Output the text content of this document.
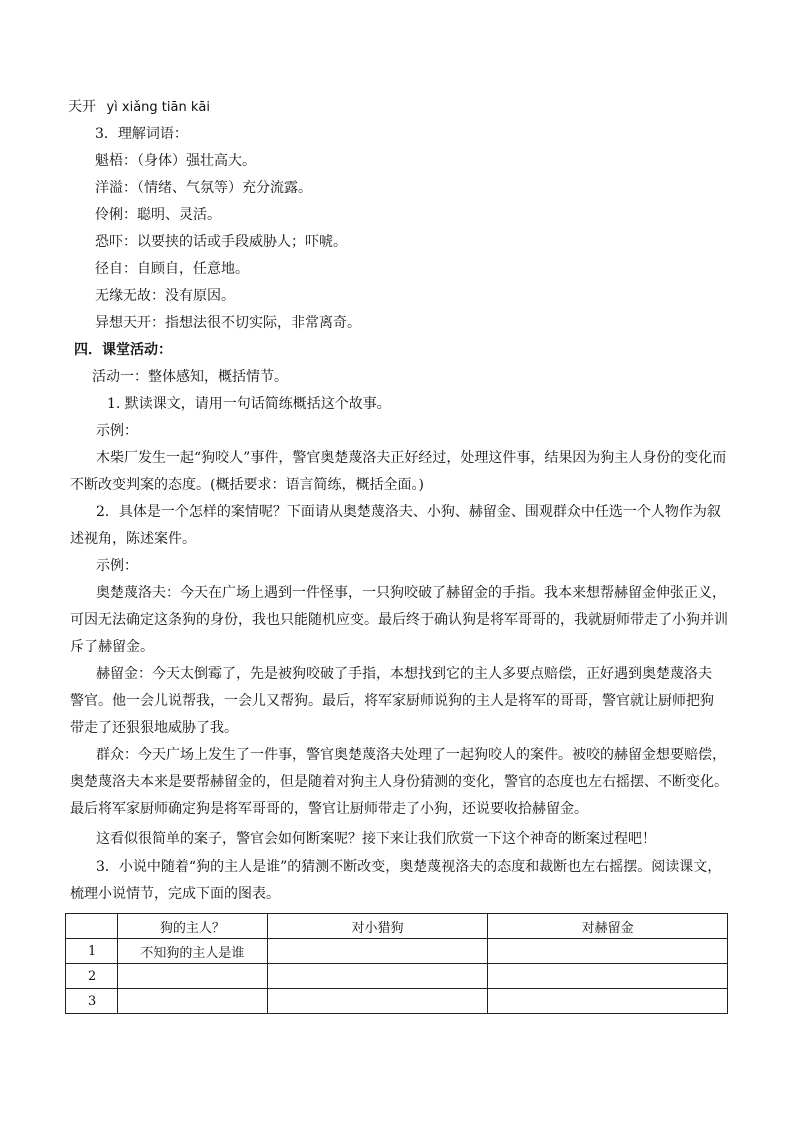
天开 yì xiǎng tiān kāi
3．理解词语：
魁梧：（身体）强壮高大。
洋溢：（情绪、气氛等）充分流露。
伶俐：聪明、灵活。
恐吓：以要挟的话或手段威胁人；吓唬。
径自：自顾自，任意地。
无缘无故：没有原因。
异想天开：指想法很不切实际，非常离奇。
四．课堂活动：
活动一：整体感知，概括情节。
1. 默读课文，请用一句话简练概括这个故事。
示例：
木柴厂发生一起“狗咬人”事件，警官奥楚蔑洛夫正好经过，处理这件事，结果因为狗主人身份的变化而
不断改变判案的态度。(概括要求：语言简练，概括全面。)
2．具体是一个怎样的案情呢？下面请从奥楚蔑洛夫、小狗、赫留金、围观群众中任选一个人物作为叙
述视角，陈述案件。
示例：
奥楚蔑洛夫：今天在广场上遇到一件怪事，一只狗咬破了赫留金的手指。我本来想帮赫留金伸张正义，
可因无法确定这条狗的身份，我也只能随机应变。最后终于确认狗是将军哥哥的，我就厨师带走了小狗并训
斥了赫留金。
赫留金：今天太倒霉了，先是被狗咬破了手指，本想找到它的主人多要点赔偿，正好遇到奥楚蔑洛夫
警官。他一会儿说帮我，一会儿又帮狗。最后，将军家厨师说狗的主人是将军的哥哥，警官就让厨师把狗
带走了还狠狠地威胁了我。
群众：今天广场上发生了一件事，警官奥楚蔑洛夫处理了一起狗咬人的案件。被咬的赫留金想要赔偿，
奥楚蔑洛夫本来是要帮赫留金的，但是随着对狗主人身份猜测的变化，警官的态度也左右摇摆、不断变化。
最后将军家厨师确定狗是将军哥哥的，警官让厨师带走了小狗，还说要收拾赫留金。
这看似很简单的案子，警官会如何断案呢？接下来让我们欣赏一下这个神奇的断案过程吧！
3．小说中随着“狗的主人是谁”的猜测不断改变，奥楚蔑视洛夫的态度和裁断也左右摇摆。阅读课文，
梳理小说情节，完成下面的图表。
	狗的主人？	对小猎狗	对赫留金
1	不知狗的主人是谁		
2			
3			
